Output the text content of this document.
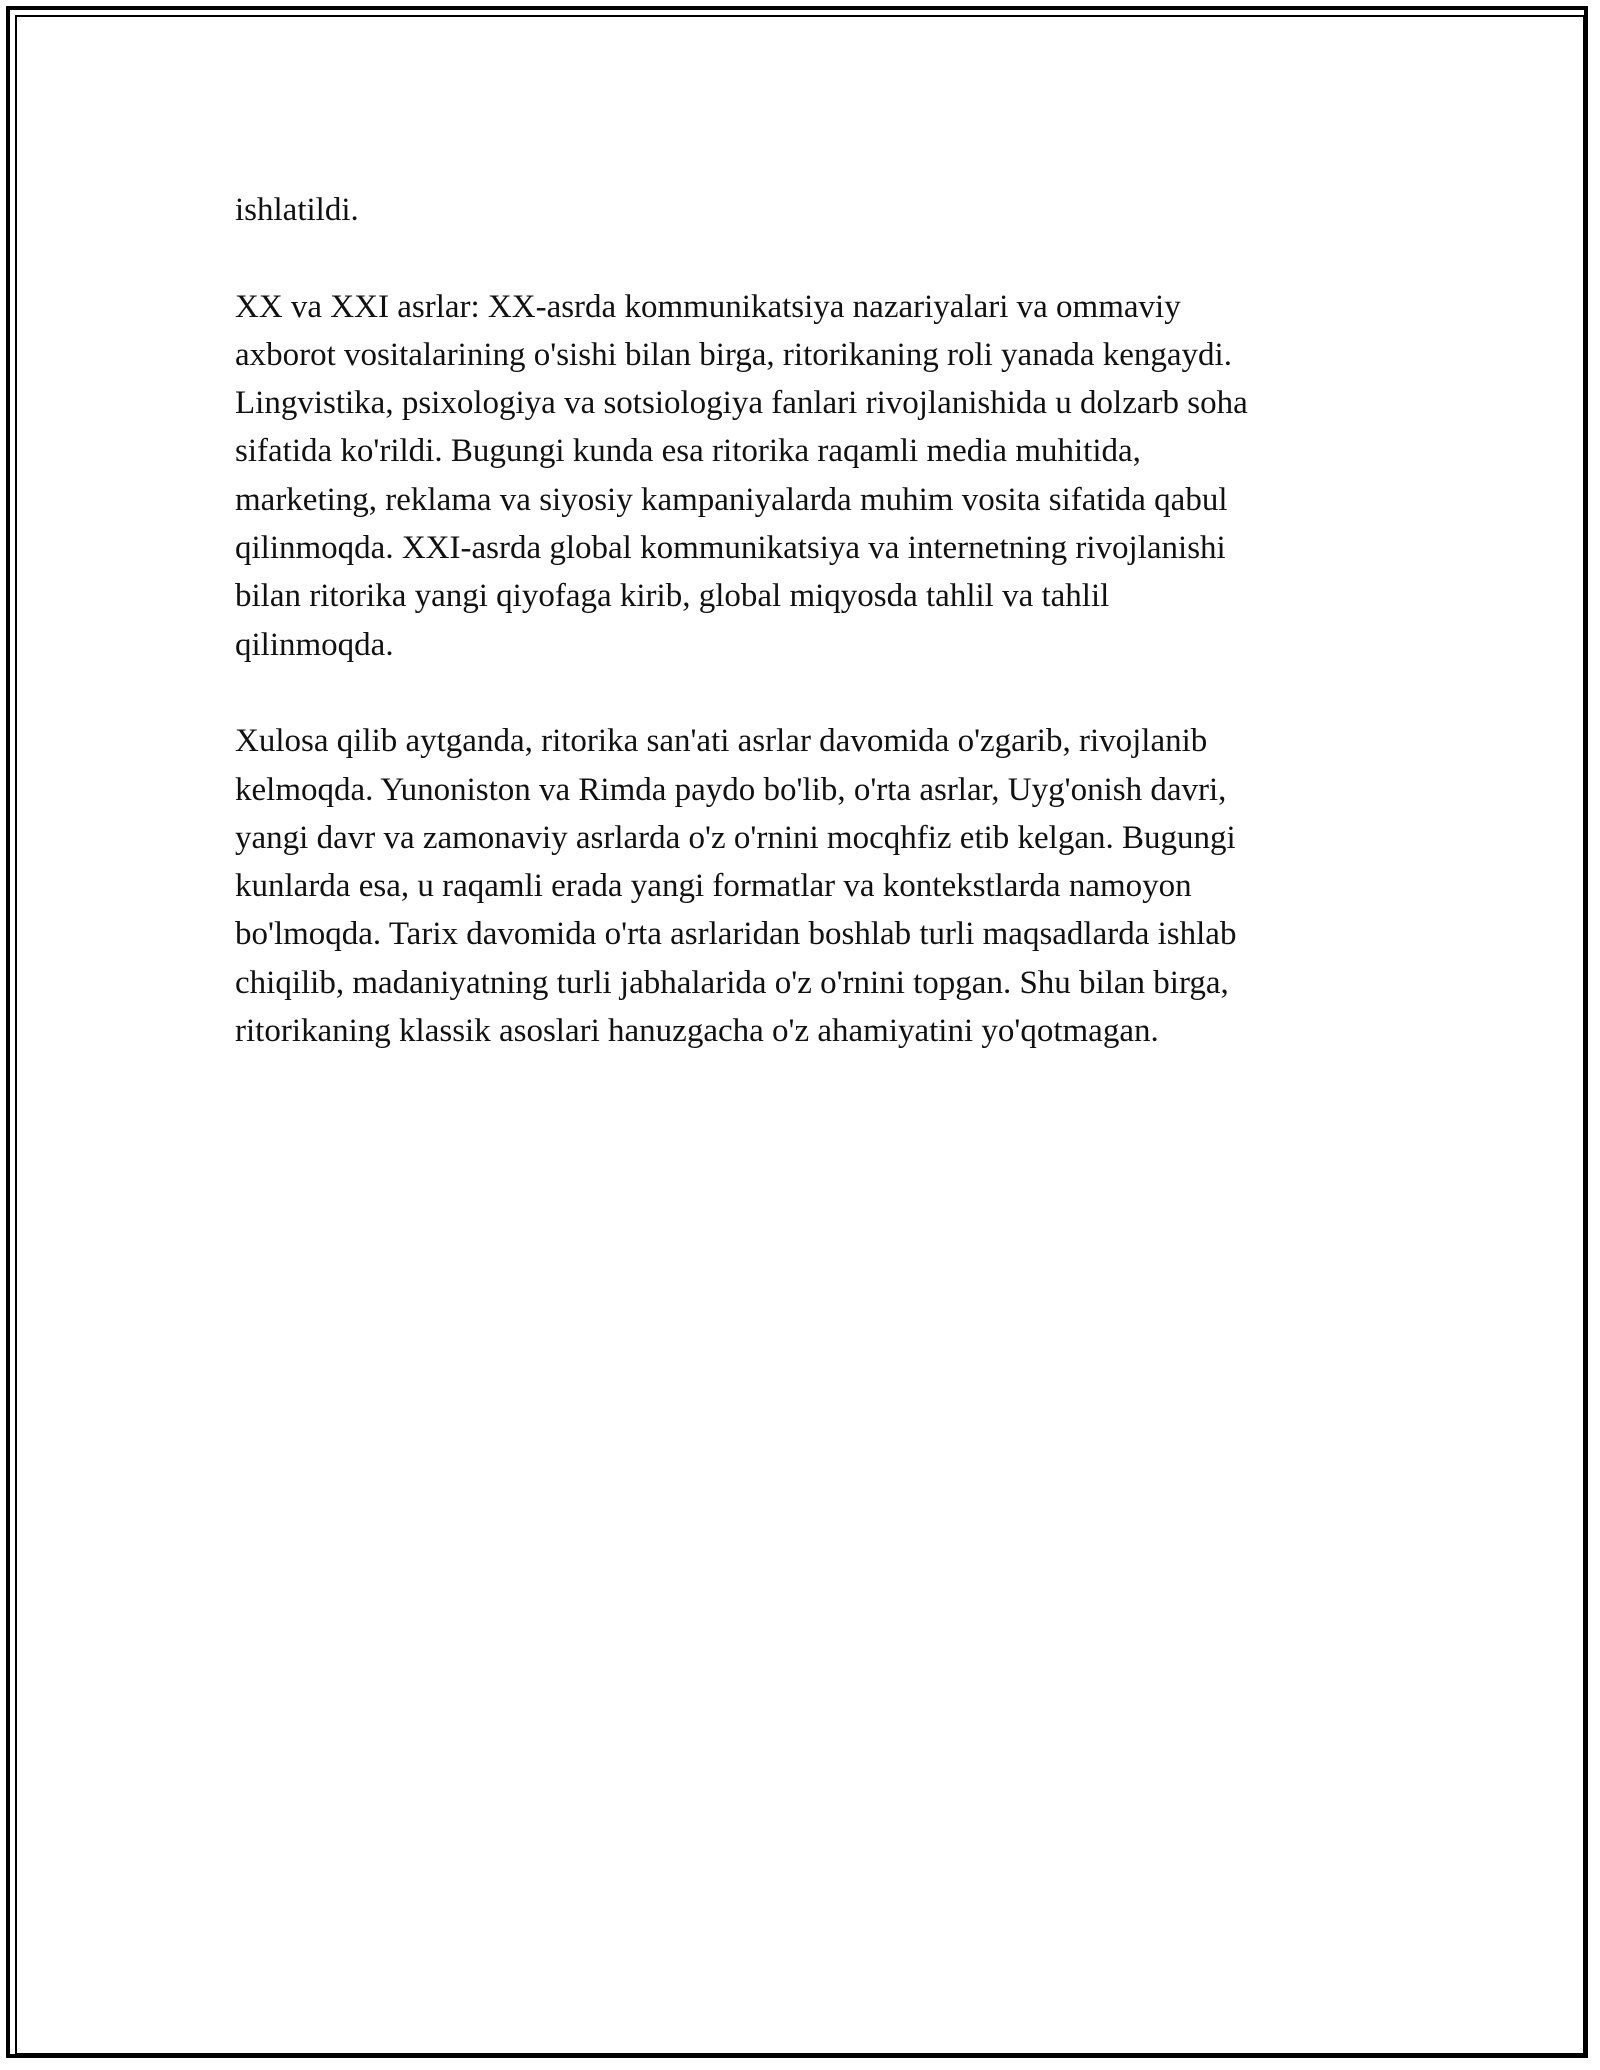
ishlatildi.

XX va XXI asrlar: XX-asrda kommunikatsiya nazariyalari va ommaviy
axborot vositalarining o'sishi bilan birga, ritorikaning roli yanada kengaydi.
Lingvistika, psixologiya va sotsiologiya fanlari rivojlanishida u dolzarb soha
sifatida ko'rildi. Bugungi kunda esa ritorika raqamli media muhitida,
marketing, reklama va siyosiy kampaniyalarda muhim vosita sifatida qabul
qilinmoqda. XXI-asrda global kommunikatsiya va internetning rivojlanishi
bilan ritorika yangi qiyofaga kirib, global miqyosda tahlil va tahlil
qilinmoqda.

Xulosa qilib aytganda, ritorika san'ati asrlar davomida o'zgarib, rivojlanib
kelmoqda. Yunoniston va Rimda paydo bo'lib, o'rta asrlar, Uyg'onish davri,
yangi davr va zamonaviy asrlarda o'z o'rnini mocqhfiz etib kelgan. Bugungi
kunlarda esa, u raqamli erada yangi formatlar va kontekstlarda namoyon
bo'lmoqda. Tarix davomida o'rta asrlaridan boshlab turli maqsadlarda ishlab
chiqilib, madaniyatning turli jabhalarida o'z o'rnini topgan. Shu bilan birga,
ritorikaning klassik asoslari hanuzgacha o'z ahamiyatini yo'qotmagan.
